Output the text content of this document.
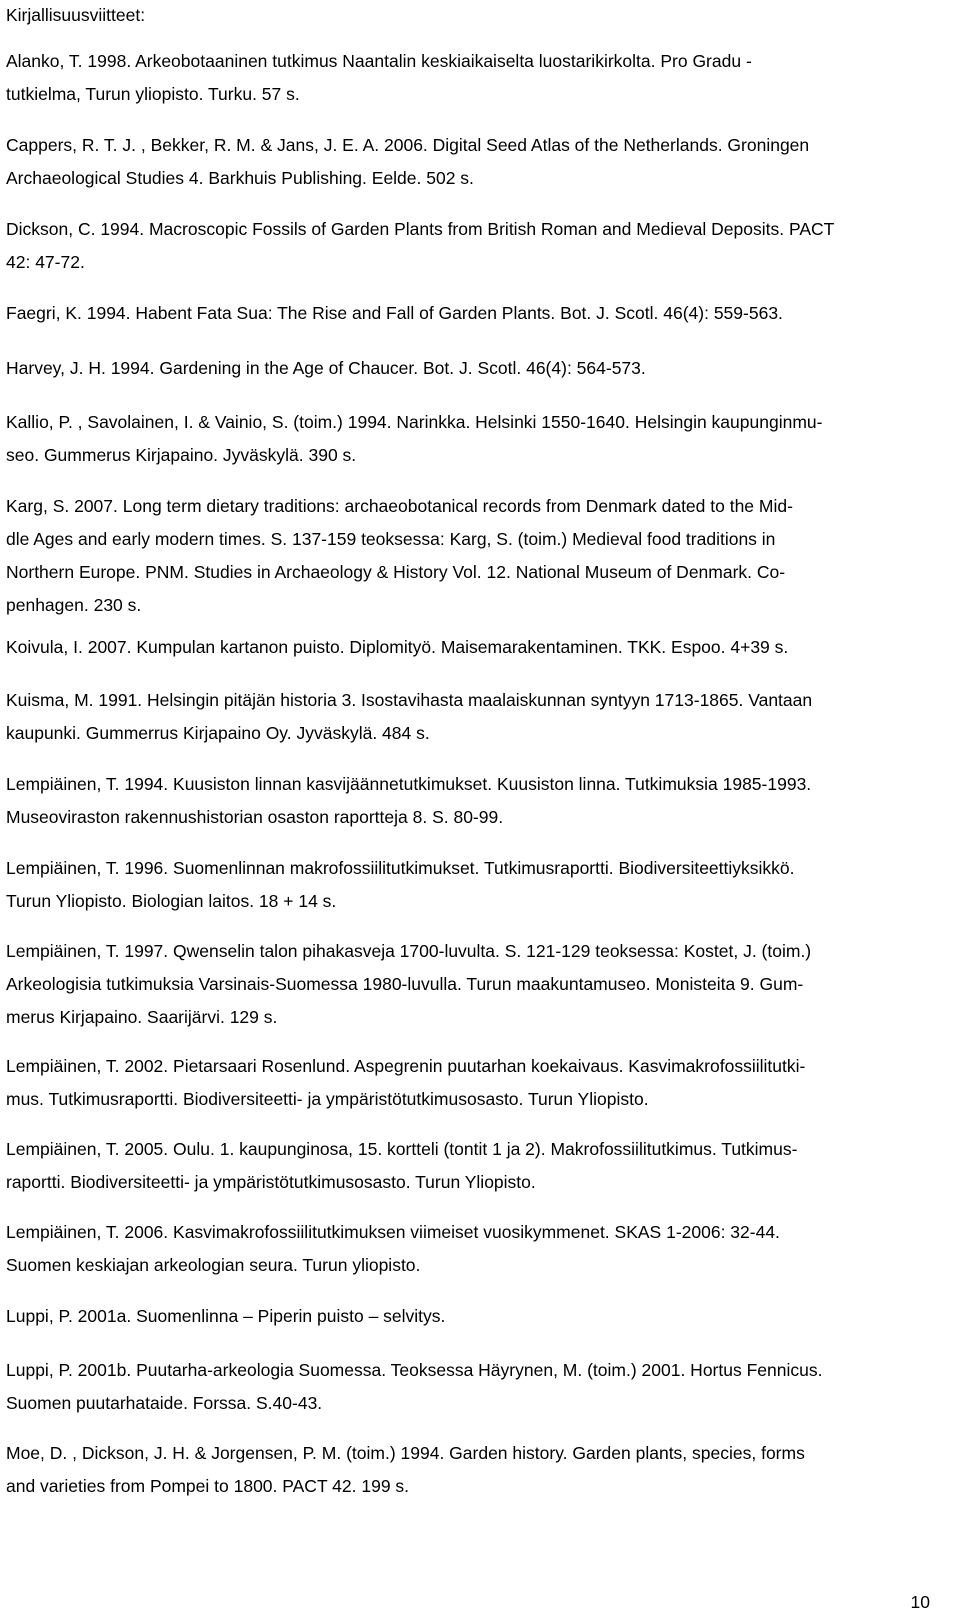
Kirjallisuusviitteet:
Alanko, T. 1998. Arkeobotaaninen tutkimus Naantalin keskiaikaiselta luostarikirkolta. Pro Gradu -
tutkielma, Turun yliopisto. Turku. 57 s.
Cappers, R. T. J. , Bekker, R. M. & Jans, J. E. A. 2006. Digital Seed Atlas of the Netherlands. Groningen
Archaeological Studies 4. Barkhuis Publishing. Eelde. 502 s.
Dickson, C. 1994. Macroscopic Fossils of Garden Plants from British Roman and Medieval Deposits. PACT
42: 47-72.
Faegri, K. 1994. Habent Fata Sua: The Rise and Fall of Garden Plants. Bot. J. Scotl. 46(4): 559-563.
Harvey, J. H. 1994. Gardening in the Age of Chaucer. Bot. J. Scotl. 46(4): 564-573.
Kallio, P. , Savolainen, I. & Vainio, S. (toim.) 1994. Narinkka. Helsinki 1550-1640. Helsingin kaupunginmu-
seo. Gummerus Kirjapaino. Jyväskylä. 390 s.
Karg, S. 2007. Long term dietary traditions: archaeobotanical records from Denmark dated to the Mid-
dle Ages and early modern times. S. 137-159 teoksessa: Karg, S. (toim.) Medieval food traditions in
Northern Europe. PNM. Studies in Archaeology & History Vol. 12. National Museum of Denmark. Co-
penhagen. 230 s.
Koivula, I. 2007. Kumpulan kartanon puisto. Diplomityö. Maisemarakentaminen. TKK. Espoo. 4+39 s.
Kuisma, M. 1991. Helsingin pitäjän historia 3. Isostavihasta maalaiskunnan syntyyn 1713-1865. Vantaan
kaupunki. Gummerrus Kirjapaino Oy. Jyväskylä. 484 s.
Lempiäinen, T. 1994. Kuusiston linnan kasvijäännetutkimukset. Kuusiston linna. Tutkimuksia 1985-1993.
Museoviraston rakennushistorian osaston raportteja 8. S. 80-99.
Lempiäinen, T. 1996. Suomenlinnan makrofossiilitutkimukset. Tutkimusraportti. Biodiversiteettiyksikkö.
Turun Yliopisto. Biologian laitos. 18 + 14 s.
Lempiäinen, T. 1997. Qwenselin talon pihakasveja 1700-luvulta. S. 121-129 teoksessa: Kostet, J. (toim.)
Arkeologisia tutkimuksia Varsinais-Suomessa 1980-luvulla. Turun maakuntamuseo. Monisteita 9. Gum-
merus Kirjapaino. Saarijärvi. 129 s.
Lempiäinen, T. 2002. Pietarsaari Rosenlund. Aspegrenin puutarhan koekaivaus. Kasvimakrofossiilitutki-
mus. Tutkimusraportti. Biodiversiteetti- ja ympäristötutkimusosasto. Turun Yliopisto.
Lempiäinen, T. 2005. Oulu. 1. kaupunginosa, 15. kortteli (tontit 1 ja 2). Makrofossiilitutkimus. Tutkimus-
raportti. Biodiversiteetti- ja ympäristötutkimusosasto. Turun Yliopisto.
Lempiäinen, T. 2006. Kasvimakrofossiilitutkimuksen viimeiset vuosikymmenet. SKAS 1-2006: 32-44.
Suomen keskiajan arkeologian seura. Turun yliopisto.
Luppi, P. 2001a. Suomenlinna – Piperin puisto – selvitys.
Luppi, P. 2001b. Puutarha-arkeologia Suomessa. Teoksessa Häyrynen, M. (toim.) 2001. Hortus Fennicus.
Suomen puutarhataide. Forssa. S.40-43.
Moe, D. , Dickson, J. H. & Jorgensen, P. M. (toim.) 1994. Garden history. Garden plants, species, forms
and varieties from Pompei to 1800. PACT 42. 199 s.
10
